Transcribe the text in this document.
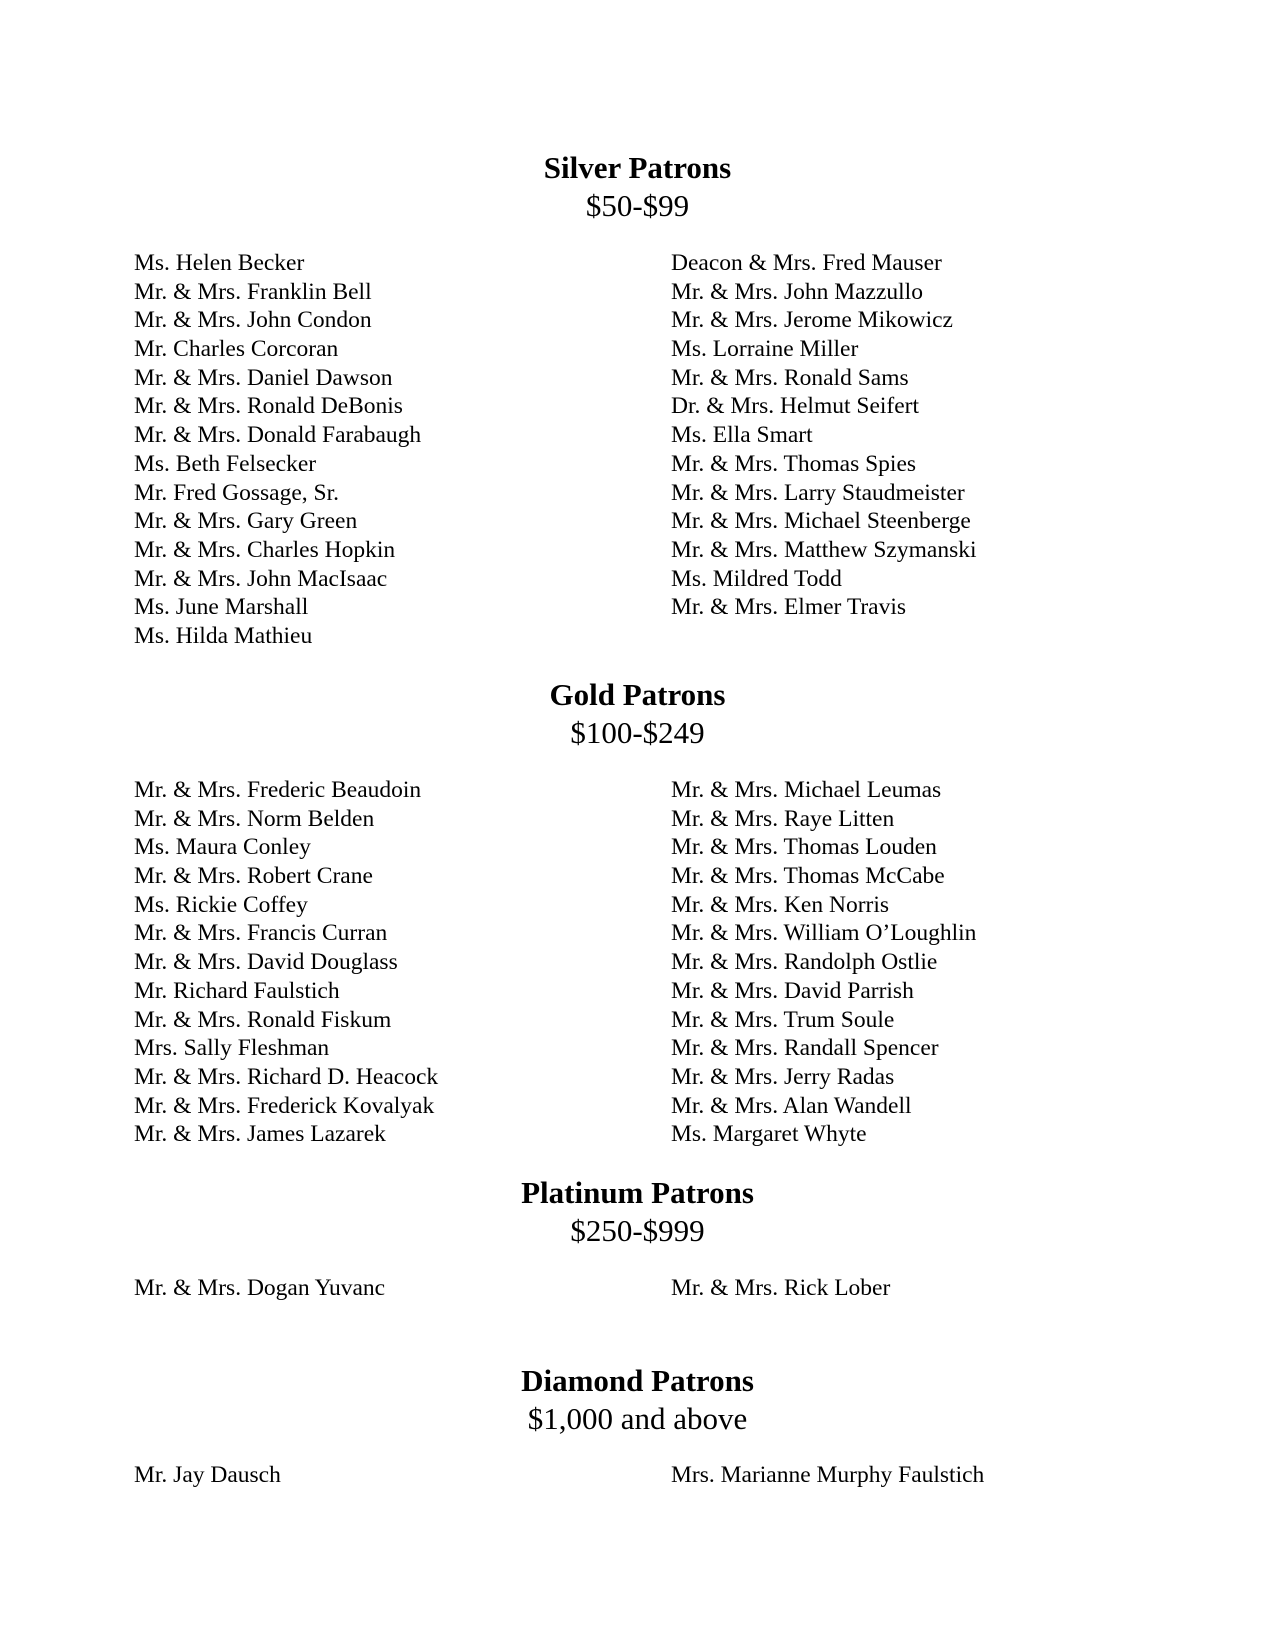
Silver Patrons
$50-$99
Ms. Helen Becker
Mr. & Mrs. Franklin Bell
Mr. & Mrs. John Condon
Mr. Charles Corcoran
Mr. & Mrs. Daniel Dawson
Mr. & Mrs. Ronald DeBonis
Mr. & Mrs. Donald Farabaugh
Ms. Beth Felsecker
Mr. Fred Gossage, Sr.
Mr. & Mrs. Gary Green
Mr. & Mrs. Charles Hopkin
Mr. & Mrs. John MacIsaac
Ms. June Marshall
Ms. Hilda Mathieu
Deacon & Mrs. Fred Mauser
Mr. & Mrs. John Mazzullo
Mr. & Mrs. Jerome Mikowicz
Ms. Lorraine Miller
Mr. & Mrs. Ronald Sams
Dr. & Mrs. Helmut Seifert
Ms. Ella Smart
Mr. & Mrs. Thomas Spies
Mr. & Mrs. Larry Staudmeister
Mr. & Mrs. Michael Steenberge
Mr. & Mrs. Matthew Szymanski
Ms. Mildred Todd
Mr. & Mrs. Elmer Travis
Gold Patrons
$100-$249
Mr. & Mrs. Frederic Beaudoin
Mr. & Mrs. Norm Belden
Ms. Maura Conley
Mr. & Mrs. Robert Crane
Ms. Rickie Coffey
Mr. & Mrs. Francis Curran
Mr. & Mrs. David Douglass
Mr. Richard Faulstich
Mr. & Mrs. Ronald Fiskum
Mrs. Sally Fleshman
Mr. & Mrs. Richard D. Heacock
Mr. & Mrs. Frederick Kovalyak
Mr. & Mrs. James Lazarek
Mr. & Mrs. Michael Leumas
Mr. & Mrs. Raye Litten
Mr. & Mrs. Thomas Louden
Mr. & Mrs. Thomas McCabe
Mr. & Mrs. Ken Norris
Mr. & Mrs. William O’Loughlin
Mr. & Mrs. Randolph Ostlie
Mr. & Mrs. David Parrish
Mr. & Mrs. Trum Soule
Mr. & Mrs. Randall Spencer
Mr. & Mrs. Jerry Radas
Mr. & Mrs. Alan Wandell
Ms. Margaret Whyte
Platinum Patrons
$250-$999
Mr. & Mrs. Dogan Yuvanc	Mr. & Mrs. Rick Lober
Diamond Patrons
$1,000 and above
Mr. Jay Dausch	Mrs. Marianne Murphy Faulstich
